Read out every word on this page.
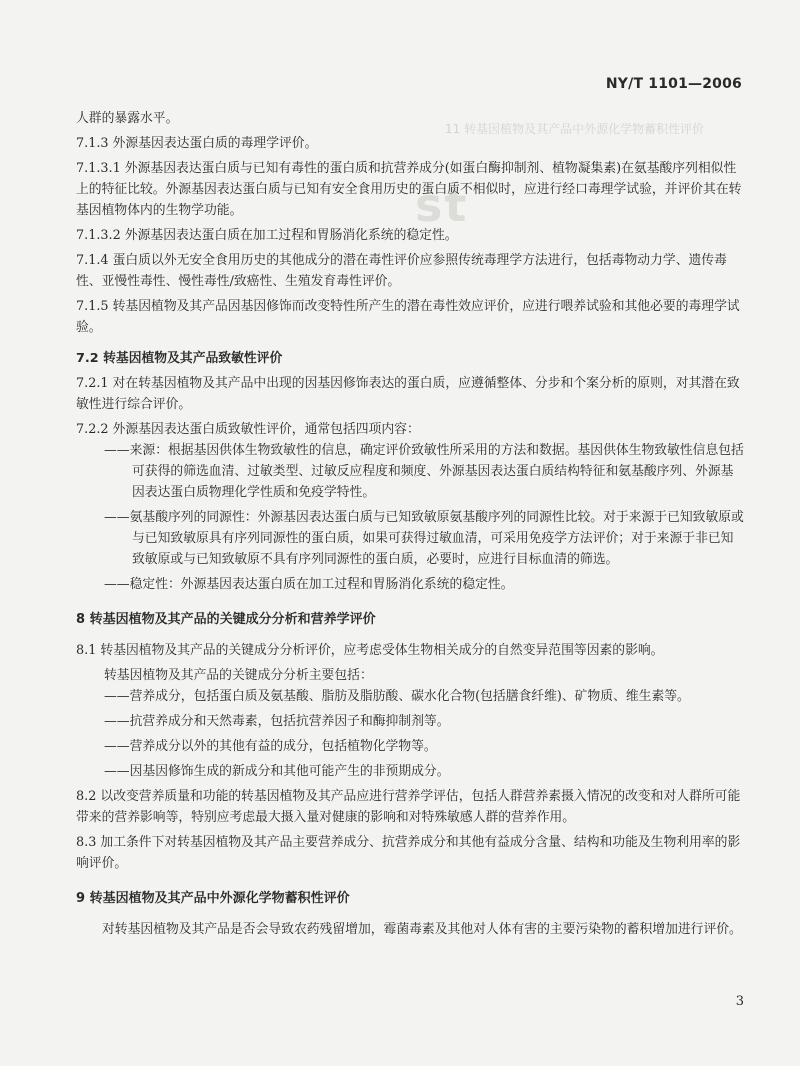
11 转基因植物及其产品中外源化学物蓄积性评价
st
NY/T 1101—2006

人群的暴露水平。

7.1.3 外源基因表达蛋白质的毒理学评价。

7.1.3.1 外源基因表达蛋白质与已知有毒性的蛋白质和抗营养成分(如蛋白酶抑制剂、植物凝集素)在氨基酸序列相似性上的特征比较。外源基因表达蛋白质与已知有安全食用历史的蛋白质不相似时，应进行经口毒理学试验，并评价其在转基因植物体内的生物学功能。

7.1.3.2 外源基因表达蛋白质在加工过程和胃肠消化系统的稳定性。

7.1.4 蛋白质以外无安全食用历史的其他成分的潜在毒性评价应参照传统毒理学方法进行，包括毒物动力学、遗传毒性、亚慢性毒性、慢性毒性/致癌性、生殖发育毒性评价。

7.1.5 转基因植物及其产品因基因修饰而改变特性所产生的潜在毒性效应评价，应进行喂养试验和其他必要的毒理学试验。

7.2 转基因植物及其产品致敏性评价

7.2.1 对在转基因植物及其产品中出现的因基因修饰表达的蛋白质，应遵循整体、分步和个案分析的原则，对其潜在致敏性进行综合评价。

7.2.2 外源基因表达蛋白质致敏性评价，通常包括四项内容：

——来源：根据基因供体生物致敏性的信息，确定评价致敏性所采用的方法和数据。基因供体生物致敏性信息包括可获得的筛选血清、过敏类型、过敏反应程度和频度、外源基因表达蛋白质结构特征和氨基酸序列、外源基因表达蛋白质物理化学性质和免疫学特性。

——氨基酸序列的同源性：外源基因表达蛋白质与已知致敏原氨基酸序列的同源性比较。对于来源于已知致敏原或与已知致敏原具有序列同源性的蛋白质，如果可获得过敏血清，可采用免疫学方法评价；对于来源于非已知致敏原或与已知致敏原不具有序列同源性的蛋白质，必要时，应进行目标血清的筛选。

——稳定性：外源基因表达蛋白质在加工过程和胃肠消化系统的稳定性。

8 转基因植物及其产品的关键成分分析和营养学评价

8.1 转基因植物及其产品的关键成分分析评价，应考虑受体生物相关成分的自然变异范围等因素的影响。

转基因植物及其产品的关键成分分析主要包括：

——营养成分，包括蛋白质及氨基酸、脂肪及脂肪酸、碳水化合物(包括膳食纤维)、矿物质、维生素等。

——抗营养成分和天然毒素，包括抗营养因子和酶抑制剂等。

——营养成分以外的其他有益的成分，包括植物化学物等。

——因基因修饰生成的新成分和其他可能产生的非预期成分。

8.2 以改变营养质量和功能的转基因植物及其产品应进行营养学评估，包括人群营养素摄入情况的改变和对人群所可能带来的营养影响等，特别应考虑最大摄入量对健康的影响和对特殊敏感人群的营养作用。

8.3 加工条件下对转基因植物及其产品主要营养成分、抗营养成分和其他有益成分含量、结构和功能及生物利用率的影响评价。

9 转基因植物及其产品中外源化学物蓄积性评价

对转基因植物及其产品是否会导致农药残留增加，霉菌毒素及其他对人体有害的主要污染物的蓄积增加进行评价。

3
